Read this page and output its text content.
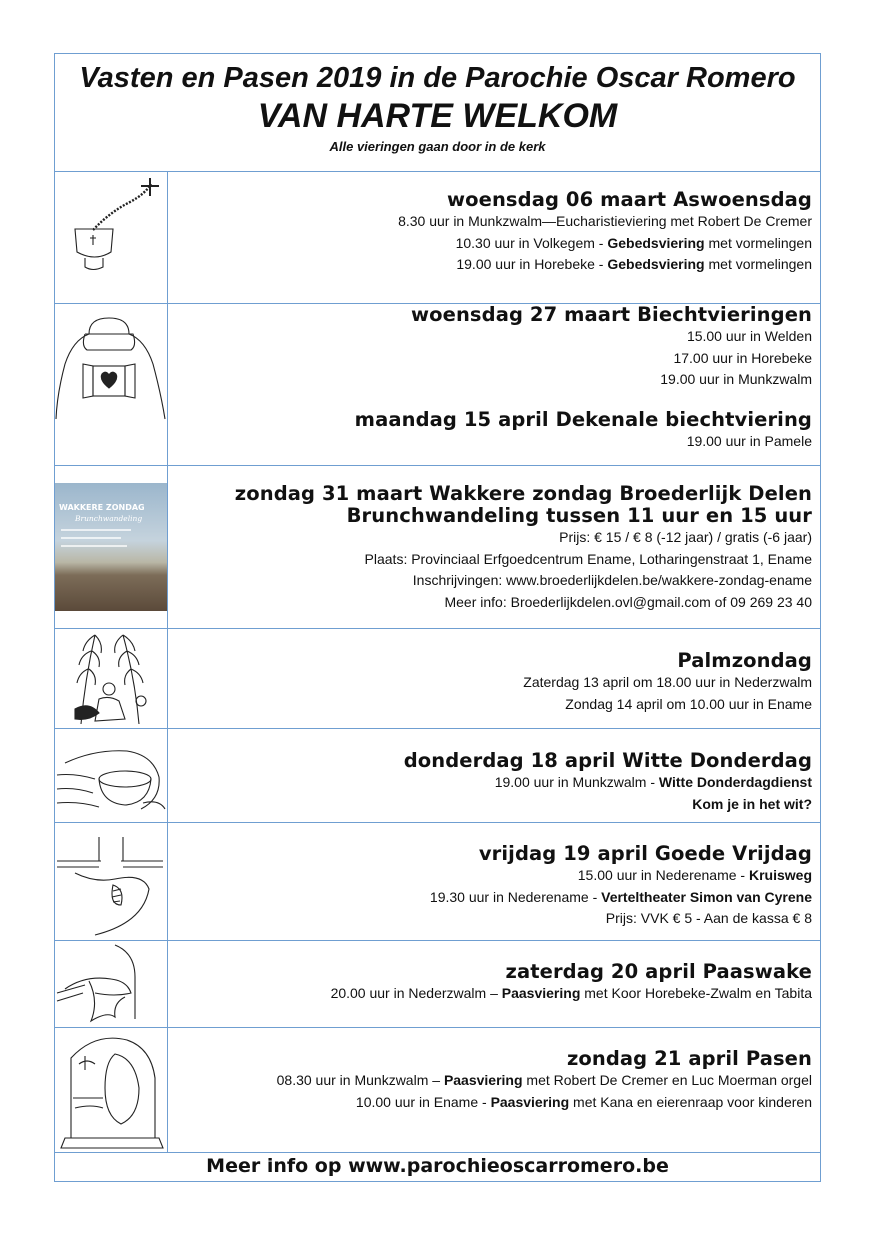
Vasten en Pasen 2019 in de Parochie Oscar Romero
VAN HARTE WELKOM
Alle vieringen gaan door in de kerk
woensdag 06 maart Aswoensdag
8.30 uur in Munkzwalm—Eucharistieviering met Robert De Cremer
10.30 uur in Volkegem - Gebedsviering met vormelingen
19.00 uur in Horebeke - Gebedsviering met vormelingen
woensdag 27 maart Biechtvieringen
15.00 uur in Welden
17.00 uur in Horebeke
19.00 uur in Munkzwalm
maandag 15 april Dekenale biechtviering
19.00 uur in Pamele
WAKKERE ZONDAG
Brunchwandeling
zondag 31 maart Wakkere zondag Broederlijk Delen
Brunchwandeling tussen 11 uur en 15 uur
Prijs: € 15 / € 8 (-12 jaar) / gratis (-6 jaar)
Plaats: Provinciaal Erfgoedcentrum Ename, Lotharingenstraat 1, Ename
Inschrijvingen: www.broederlijkdelen.be/wakkere-zondag-ename
Meer info: Broederlijkdelen.ovl@gmail.com of 09 269 23 40
Palmzondag
Zaterdag 13 april om 18.00 uur in Nederzwalm
Zondag 14 april om 10.00 uur in Ename
donderdag 18 april Witte Donderdag
19.00 uur in Munkzwalm - Witte Donderdagdienst
Kom je in het wit?
vrijdag 19 april Goede Vrijdag
15.00 uur in Nederename - Kruisweg
19.30 uur in Nederename - Verteltheater Simon van Cyrene
Prijs: VVK € 5 - Aan de kassa € 8
zaterdag 20 april Paaswake
20.00 uur in Nederzwalm – Paasviering met Koor Horebeke-Zwalm en Tabita
zondag 21 april Pasen
08.30 uur in Munkzwalm – Paasviering met Robert De Cremer en Luc Moerman orgel
10.00 uur in Ename - Paasviering met Kana en eierenraap voor kinderen
Meer info op www.parochieoscarromero.be
